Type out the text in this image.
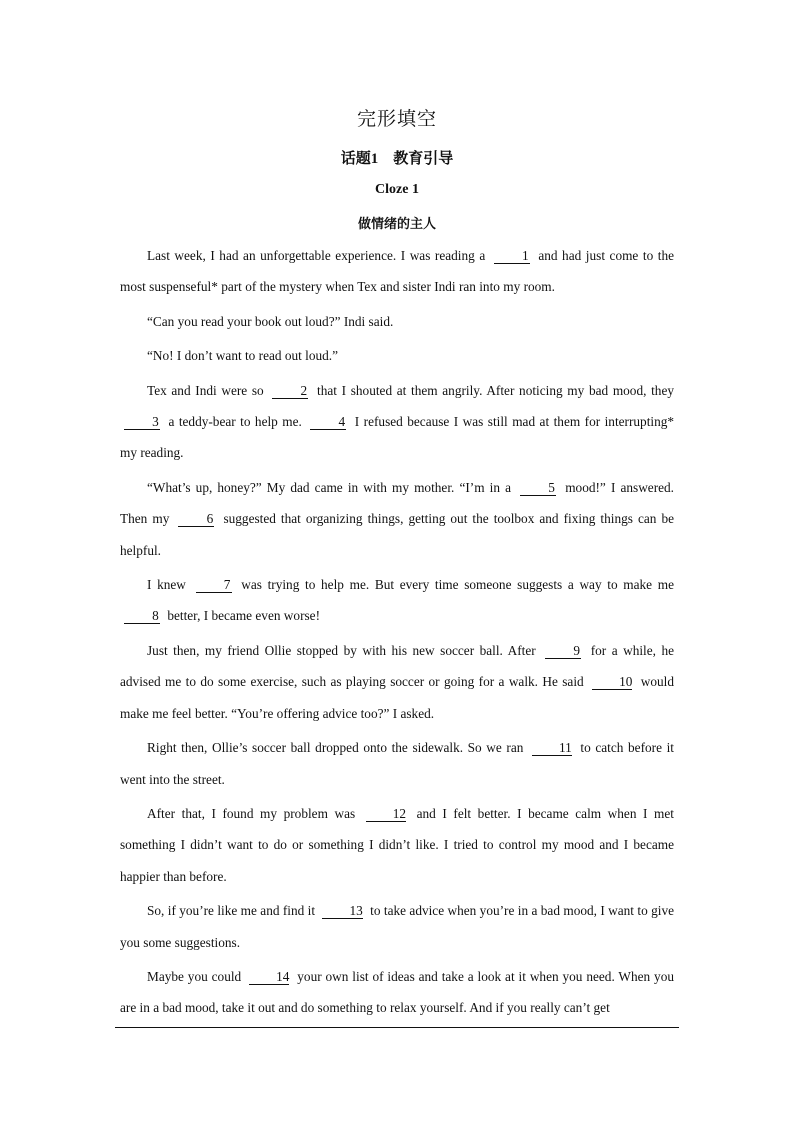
完形填空
话题1　教育引导
Cloze 1
做情绪的主人

Last week, I had an unforgettable experience. I was reading a	1 and had just come to the most suspenseful* part of the mystery when Tex and sister Indi ran into my room.

“Can you read your book out loud?” Indi said.

“No! I don’t want to read out loud.”

Tex and Indi were so	2 that I shouted at them angrily. After noticing my bad mood, they 3 a teddy-bear to help me.	4 I refused because I was still mad at them for interrupting* my reading.

“What’s up, honey?” My dad came in with my mother. “I’m in a	5 mood!” I answered. Then my	6 suggested that organizing things, getting out the toolbox and fixing things can be helpful.

I knew	7 was trying to help me. But every time someone suggests a way to make me 8 better, I became even worse!

Just then, my friend Ollie stopped by with his new soccer ball. After	9 for a while, he advised me to do some exercise, such as playing soccer or going for a walk. He said	10 would make me feel better. “You’re offering advice too?” I asked.

Right then, Ollie’s soccer ball dropped onto the sidewalk. So we ran	11 to catch before it went into the street.

After that, I found my problem was	12 and I felt better. I became calm when I met something I didn’t want to do or something I didn’t like. I tried to control my mood and I became happier than before.

So, if you’re like me and find it	13 to take advice when you’re in a bad mood, I want to give you some suggestions.

Maybe you could	14 your own list of ideas and take a look at it when you need. When you are in a bad mood, take it out and do something to relax yourself. And if you really can’t get
